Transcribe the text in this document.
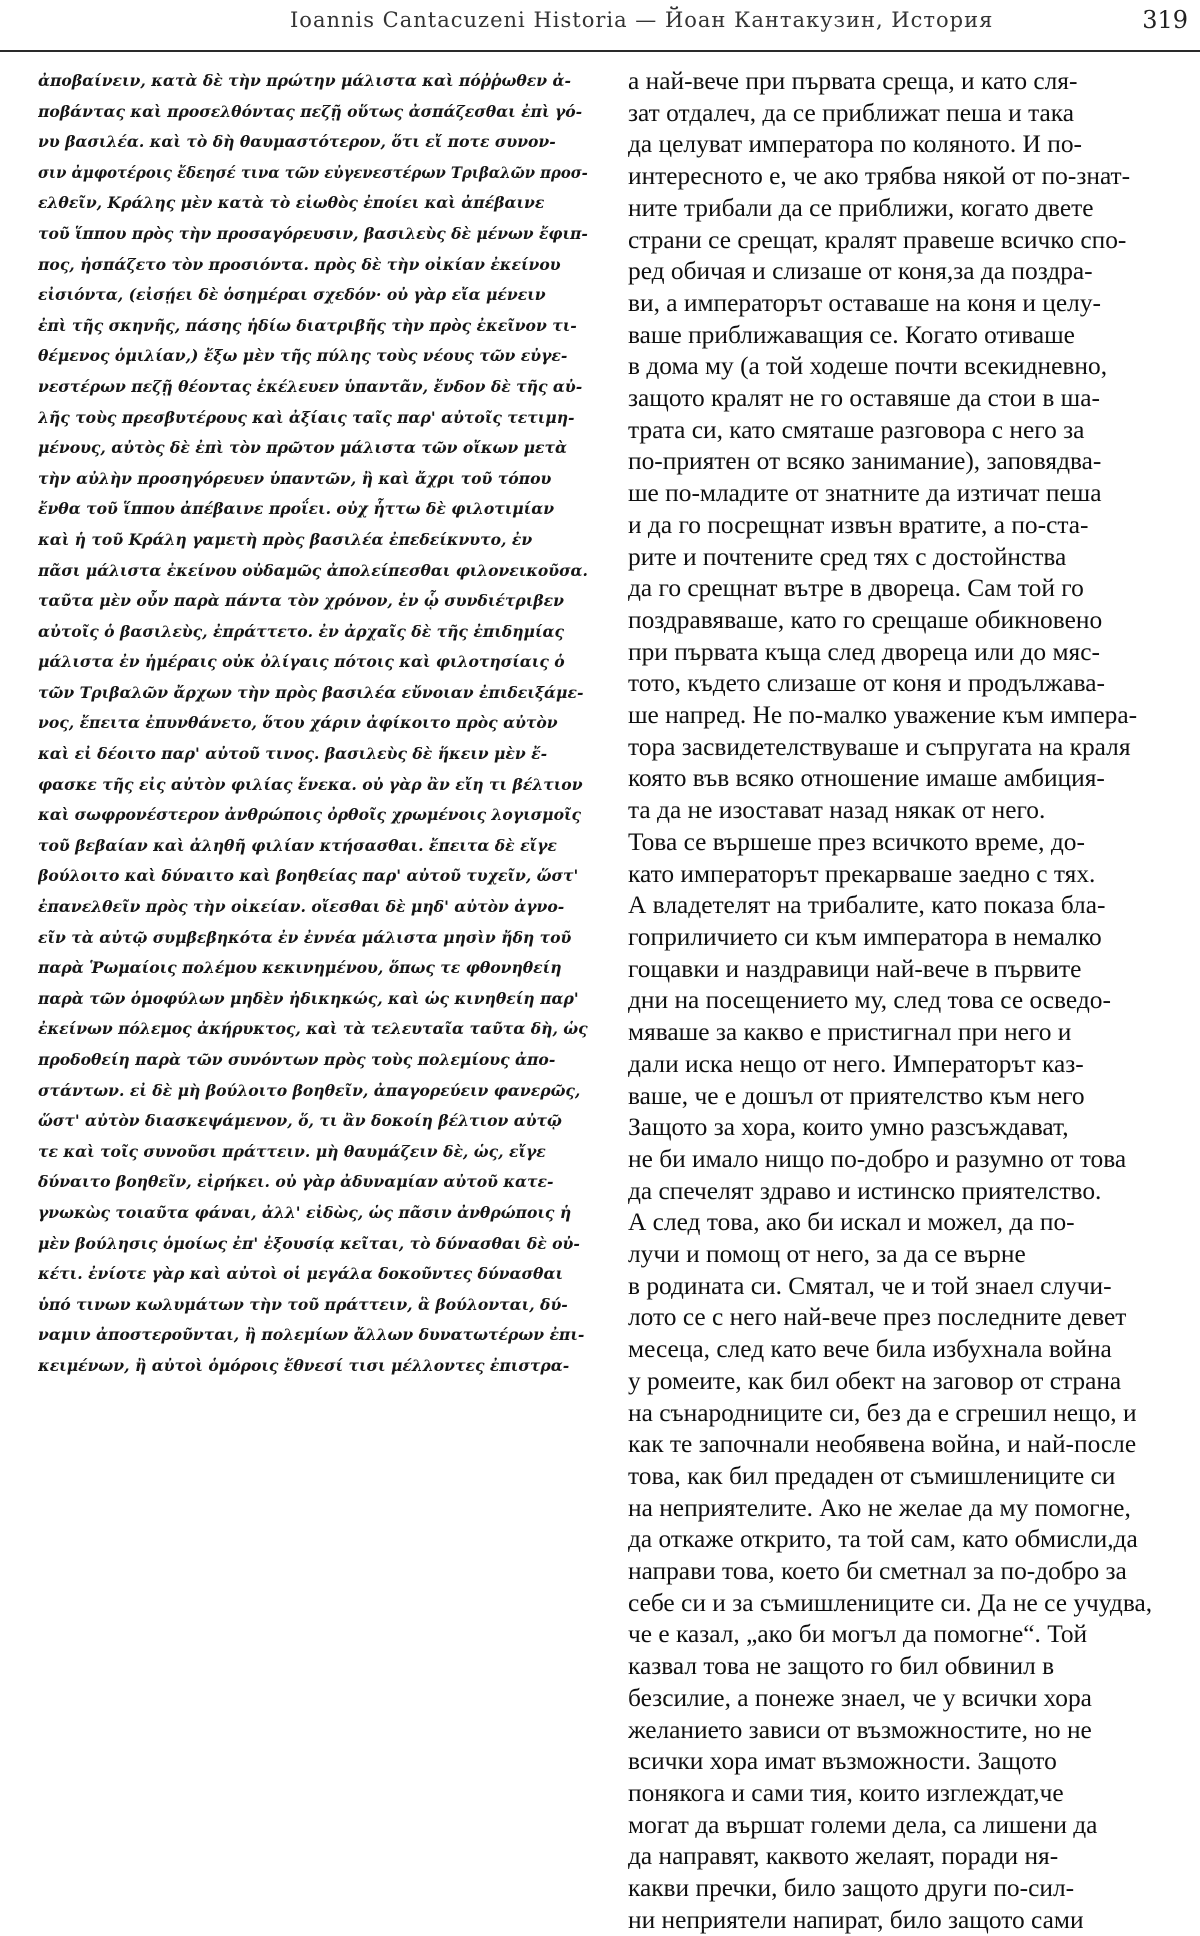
Ioannis Cantacuzeni Historia — Йоан Кантакузин, История	319
ἀποβαίνειν, κατὰ δὲ τὴν πρώτην μάλιστα καὶ πόῤῥωθεν ἀ-
ποβάντας καὶ προσελθόντας πεζῇ οὕτως ἀσπάζεσθαι ἐπὶ γό-
νυ βασιλέα. καὶ τὸ δὴ θαυμαστότερον, ὅτι εἴ ποτε συνον-
σιν ἀμφοτέροις ἔδεησέ τινα τῶν εὐγενεστέρων Τριβαλῶν προσ-
ελθεῖν, Κράλης μὲν κατὰ τὸ εἰωθὸς ἐποίει καὶ ἀπέβαινε
τοῦ ἵππου πρὸς τὴν προσαγόρευσιν, βασιλεὺς δὲ μένων ἔφιπ-
πος, ἠσπάζετο τὸν προσιόντα. πρὸς δὲ τὴν οἰκίαν ἐκείνου
εἰσιόντα, (εἰσῄει δὲ ὁσημέραι σχεδόν· οὐ γὰρ εἴα μένειν
ἐπὶ τῆς σκηνῆς, πάσης ἡδίω διατριβῆς τὴν πρὸς ἐκεῖνον τι-
θέμενος ὁμιλίαν,) ἔξω μὲν τῆς πύλης τοὺς νέους τῶν εὐγε-
νεστέρων πεζῇ θέοντας ἐκέλευεν ὑπαντᾶν, ἔνδον δὲ τῆς αὐ-
λῆς τοὺς πρεσβυτέρους καὶ ἀξίαις ταῖς παρ' αὐτοῖς τετιμη-
μένους, αὐτὸς δὲ ἐπὶ τὸν πρῶτον μάλιστα τῶν οἴκων μετὰ
τὴν αὐλὴν προσηγόρευεν ὑπαντῶν, ἢ καὶ ἄχρι τοῦ τόπου
ἔνθα τοῦ ἵππου ἀπέβαινε προΐει. οὐχ ἧττω δὲ φιλοτιμίαν
καὶ ἡ τοῦ Κράλη γαμετὴ πρὸς βασιλέα ἐπεδείκνυτο, ἐν
πᾶσι μάλιστα ἐκείνου οὐδαμῶς ἀπολείπεσθαι φιλονεικοῦσα.
ταῦτα μὲν οὖν παρὰ πάντα τὸν χρόνον, ἐν ᾧ συνδιέτριβεν
αὐτοῖς ὁ βασιλεὺς, ἐπράττετο. ἐν ἀρχαῖς δὲ τῆς ἐπιδημίας
μάλιστα ἐν ἡμέραις οὐκ ὀλίγαις πότοις καὶ φιλοτησίαις ὁ
τῶν Τριβαλῶν ἄρχων τὴν πρὸς βασιλέα εὔνοιαν ἐπιδειξάμε-
νος, ἔπειτα ἐπυνθάνετο, ὅτου χάριν ἀφίκοιτο πρὸς αὐτὸν
καὶ εἰ δέοιτο παρ' αὐτοῦ τινος. βασιλεὺς δὲ ἥκειν μὲν ἔ-
φασκε τῆς εἰς αὐτὸν φιλίας ἕνεκα. οὐ γὰρ ἂν εἴη τι βέλτιον
καὶ σωφρονέστερον ἀνθρώποις ὀρθοῖς χρωμένοις λογισμοῖς
τοῦ βεβαίαν καὶ ἀληθῆ φιλίαν κτήσασθαι. ἔπειτα δὲ εἴγε
βούλοιτο καὶ δύναιτο καὶ βοηθείας παρ' αὐτοῦ τυχεῖν, ὥστ'
ἐπανελθεῖν πρὸς τὴν οἰκείαν. οἴεσθαι δὲ μηδ' αὐτὸν ἀγνο-
εῖν τὰ αὐτῷ συμβεβηκότα ἐν ἐννέα μάλιστα μησὶν ἤδη τοῦ
παρὰ Ῥωμαίοις πολέμου κεκινημένου, ὅπως τε φθονηθείη
παρὰ τῶν ὁμοφύλων μηδὲν ἠδικηκώς, καὶ ὡς κινηθείη παρ'
ἐκείνων πόλεμος ἀκήρυκτος, καὶ τὰ τελευταῖα ταῦτα δὴ, ὡς
προδοθείη παρὰ τῶν συνόντων πρὸς τοὺς πολεμίους ἀπο-
στάντων. εἰ δὲ μὴ βούλοιτο βοηθεῖν, ἀπαγορεύειν φανερῶς,
ὥστ' αὐτὸν διασκεψάμενον, ὅ, τι ἂν δοκοίη βέλτιον αὐτῷ
τε καὶ τοῖς συνοῦσι πράττειν. μὴ θαυμάζειν δὲ, ὡς, εἴγε
δύναιτο βοηθεῖν, εἰρήκει. οὐ γὰρ ἀδυναμίαν αὐτοῦ κατε-
γνωκὼς τοιαῦτα φάναι, ἀλλ' εἰδὼς, ὡς πᾶσιν ἀνθρώποις ἡ
μὲν βούλησις ὁμοίως ἐπ' ἐξουσίᾳ κεῖται, τὸ δύνασθαι δὲ οὐ-
κέτι. ἐνίοτε γὰρ καὶ αὐτοὶ οἱ μεγάλα δοκοῦντες δύνασθαι
ὑπό τινων κωλυμάτων τὴν τοῦ πράττειν, ἃ βούλονται, δύ-
ναμιν ἀποστεροῦνται, ἢ πολεμίων ἄλλων δυνατωτέρων ἐπι-
κειμένων, ἢ αὐτοὶ ὁμόροις ἔθνεσί τισι μέλλοντες ἐπιστρα-
а най-вече при първата среща, и като сля-
зат отдалеч, да се приближат пеша и така
да целуват императора по коляното. И по-
интересното е, че ако трябва някой от по-знат-
ните трибали да се приближи, когато двете
страни се срещат, кралят правеше всичко спо-
ред обичая и слизаше от коня,за да поздра-
ви, а императорът оставаше на коня и целу-
ваше приближаващия се. Когато отиваше
в дома му (а той ходеше почти всекидневно,
защото кралят не го оставяше да стои в ша-
трата си, като смяташе разговора с него за
по-приятен от всяко занимание), заповядва-
ше по-младите от знатните да изтичат пеша
и да го посрещнат извън вратите, а по-ста-
рите и почтените сред тях с достойнства
да го срещнат вътре в двореца. Сам той го
поздравяваше, като го срещаше обикновено
при първата къща след двореца или до мяс-
тото, където слизаше от коня и продължава-
ше напред. Не по-малко уважение към импера-
тора засвидетелствуваше и съпругата на краля
която във всяко отношение имаше амбиция-
та да не изостават назад някак от него.
Това се вършеше през всичкото време, до-
като императорът прекарваше заедно с тях.
А владетелят на трибалите, като показа бла-
гоприличието си към императора в немалко
гощавки и наздравици най-вече в първите
дни на посещението му, след това се осведо-
мяваше за какво е пристигнал при него и
дали иска нещо от него. Императорът каз-
ваше, че е дошъл от приятелство към него
Защото за хора, които умно разсъждават,
не би имало нищо по-добро и разумно от това
да спечелят здраво и истинско приятелство.
А след това, ако би искал и можел, да по-
лучи и помощ от него, за да се върне
в родината си. Смятал, че и той знаел случи-
лото се с него най-вече през последните девет
месеца, след като вече била избухнала война
у ромеите, как бил обект на заговор от страна
на сънародниците си, без да е сгрешил нещо, и
как те започнали необявена война, и най-после
това, как бил предаден от съмишлениците си
на неприятелите. Ако не желае да му помогне,
да откаже открито, та той сам, като обмисли,да
направи това, което би сметнал за по-добро за
себе си и за съмишлениците си. Да не се учудва,
че е казал, „ако би могъл да помогне“. Той
казвал това не защото го бил обвинил в
безсилие, а понеже знаел, че у всички хора
желанието зависи от възможностите, но не
всички хора имат възможности. Защото
понякога и сами тия, които изглеждат,че
могат да вършат големи дела, са лишени да
да направят, каквото желаят, поради ня-
какви пречки, било защото други по-сил-
ни неприятели напират, било защото сами
